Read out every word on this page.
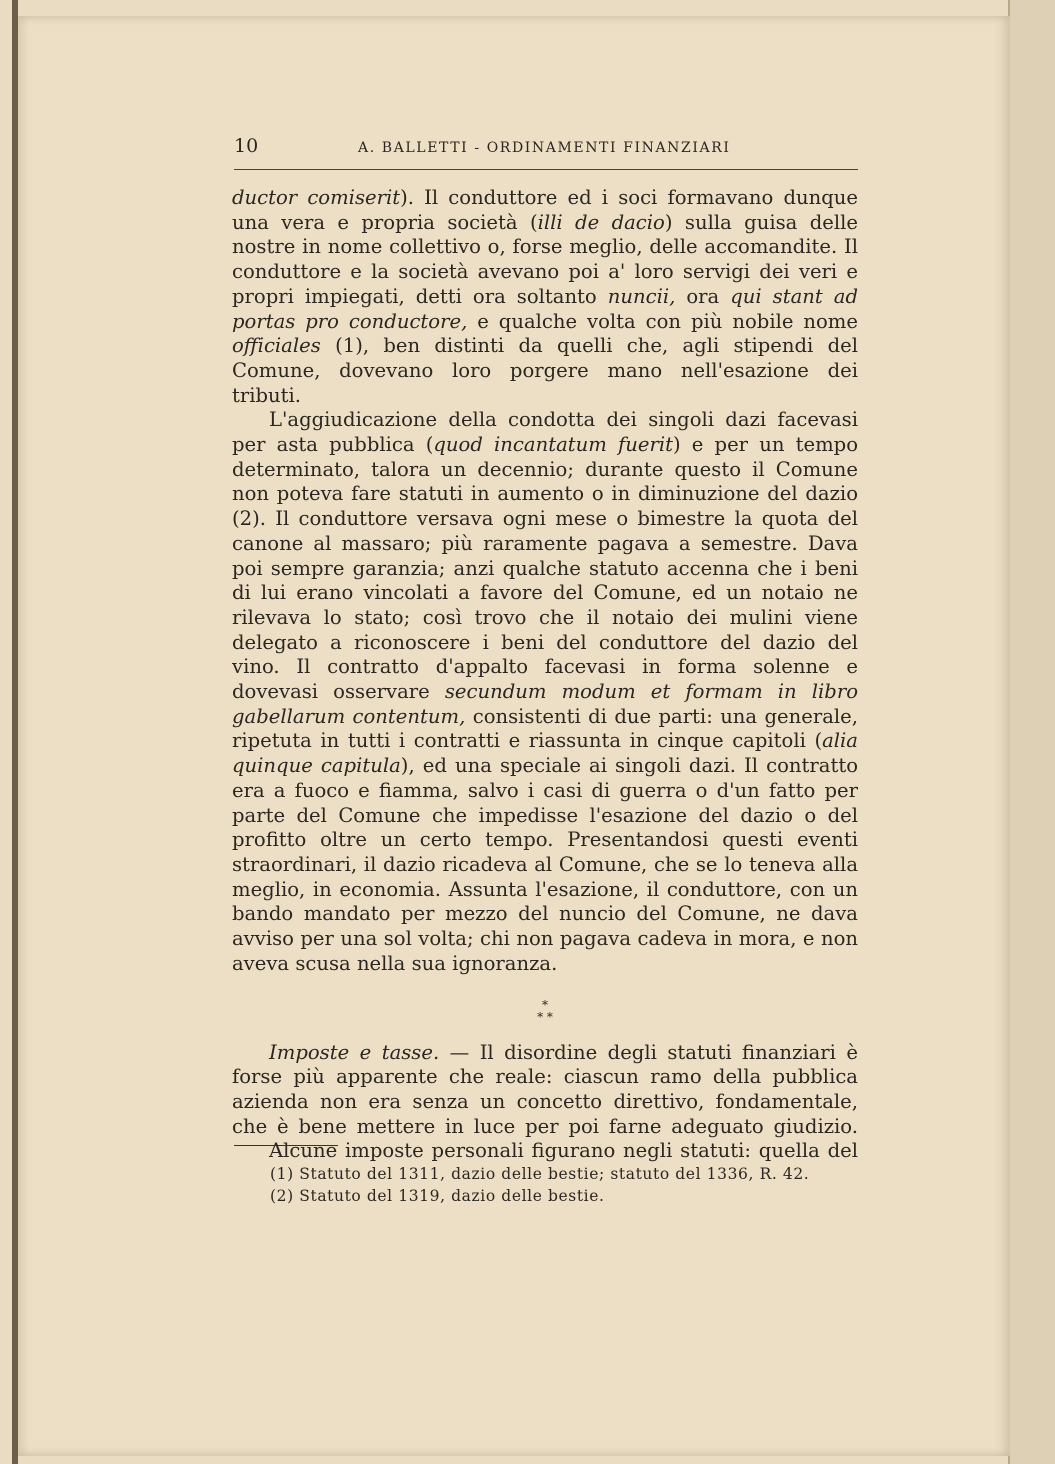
10	A. BALLETTI - ORDINAMENTI FINANZIARI

ductor comiserit). Il conduttore ed i soci formavano dunque una vera e propria società (illi de dacio) sulla guisa delle nostre in nome collettivo o, forse meglio, delle accomandite. Il conduttore e la società avevano poi a' loro servigi dei veri e propri impiegati, detti ora soltanto nuncii, ora qui stant ad portas pro conductore, e qualche volta con più nobile nome officiales (1), ben distinti da quelli che, agli stipendi del Comune, dovevano loro porgere mano nell'esazione dei tributi.

L'aggiudicazione della condotta dei singoli dazi facevasi per asta pubblica (quod incantatum fuerit) e per un tempo determinato, talora un decennio; durante questo il Comune non poteva fare statuti in aumento o in diminuzione del dazio (2). Il conduttore versava ogni mese o bimestre la quota del canone al massaro; più raramente pagava a semestre. Dava poi sempre garanzia; anzi qualche statuto accenna che i beni di lui erano vincolati a favore del Comune, ed un notaio ne rilevava lo stato; così trovo che il notaio dei mulini viene delegato a riconoscere i beni del conduttore del dazio del vino. Il contratto d'appalto facevasi in forma solenne e dovevasi osservare secundum modum et formam in libro gabellarum contentum, consistenti di due parti: una generale, ripetuta in tutti i contratti e riassunta in cinque capitoli (alia quinque capitula), ed una speciale ai singoli dazi. Il contratto era a fuoco e fiamma, salvo i casi di guerra o d'un fatto per parte del Comune che impedisse l'esazione del dazio o del profitto oltre un certo tempo. Presentandosi questi eventi straordinari, il dazio ricadeva al Comune, che se lo teneva alla meglio, in economia. Assunta l'esazione, il conduttore, con un bando mandato per mezzo del nuncio del Comune, ne dava avviso per una sol volta; chi non pagava cadeva in mora, e non aveva scusa nella sua ignoranza.

*
* *

Imposte e tasse. — Il disordine degli statuti finanziari è forse più apparente che reale: ciascun ramo della pubblica azienda non era senza un concetto direttivo, fondamentale, che è bene mettere in luce per poi farne adeguato giudizio.

Alcune imposte personali figurano negli statuti: quella del

(1) Statuto del 1311, dazio delle bestie; statuto del 1336, R. 42.
(2) Statuto del 1319, dazio delle bestie.
